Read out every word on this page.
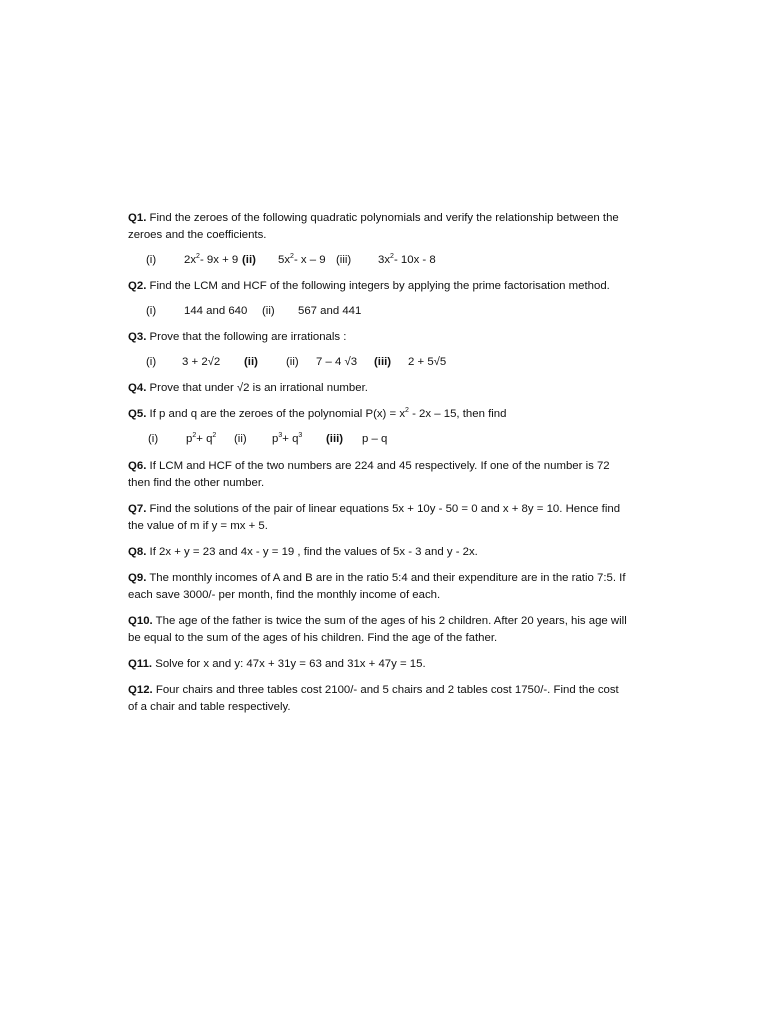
Q1. Find the zeroes of the following quadratic polynomials and verify the relationship between the zeroes and the coefficients.

(i)	$2x^2-$ 9x + 9 (ii)	$5x^2-$ x – 9 (iii)	$3x^2-$ 10x - 8

Q2. Find the LCM and HCF of the following integers by applying the prime factorisation method.

(i)	144 and 640	(ii)	567 and 441

Q3. Prove that the following are irrationals :

(i)	3 + 2√2	(ii)	(ii)	7 – 4 √3	(iii)	2 + 5√5

Q4. Prove that under √2 is an irrational number.

Q5. If p and q are the zeroes of the polynomial $P(x) = x^2 - 2x - 15$, then find

(i)	$p^2+ q^2$	(ii)	$p^3+ q^3$	(iii)	p – q

Q6. If LCM and HCF of the two numbers are 224 and 45 respectively. If one of the number is 72 then find the other number.

Q7. Find the solutions of the pair of linear equations 5x + 10y - 50 = 0 and x + 8y = 10. Hence find the value of m if y = mx + 5.

Q8. If 2x + y = 23 and 4x - y = 19 , find the values of 5x - 3 and y - 2x.

Q9. The monthly incomes of A and B are in the ratio 5:4 and their expenditure are in the ratio 7:5. If each save 3000/- per month, find the monthly income of each.

Q10. The age of the father is twice the sum of the ages of his 2 children. After 20 years, his age will be equal to the sum of the ages of his children. Find the age of the father.

Q11. Solve for x and y: 47x + 31y = 63 and 31x + 47y = 15.

Q12. Four chairs and three tables cost 2100/- and 5 chairs and 2 tables cost 1750/-. Find the cost of a chair and table respectively.
